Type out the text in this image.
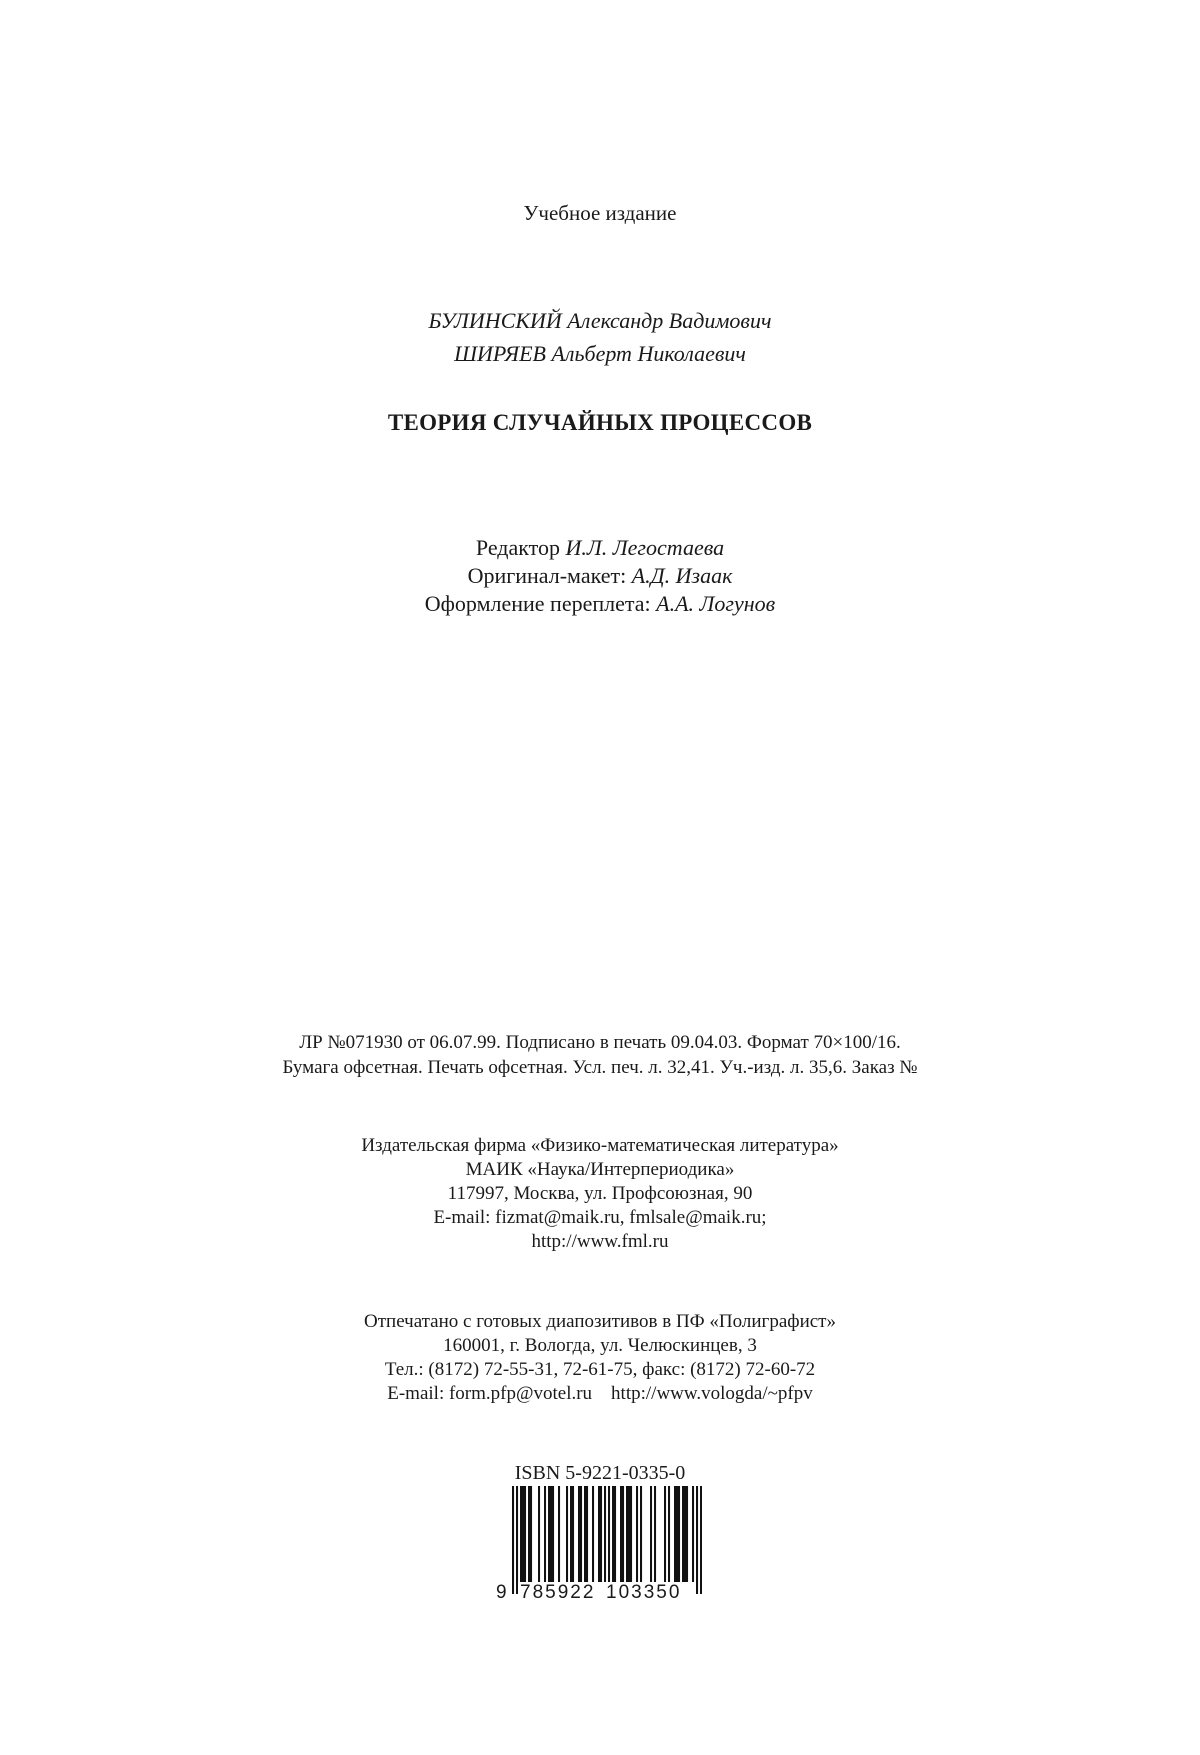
Учебное издание
БУЛИНСКИЙ Александр Вадимович
ШИРЯЕВ Альберт Николаевич
ТЕОРИЯ СЛУЧАЙНЫХ ПРОЦЕССОВ
Редактор И.Л. Легостаева
Оригинал-макет: А.Д. Изаак
Оформление переплета: А.А. Логунов
ЛР №071930 от 06.07.99. Подписано в печать 09.04.03. Формат 70×100/16.
Бумага офсетная. Печать офсетная. Усл. печ. л. 32,41. Уч.-изд. л. 35,6. Заказ №
Издательская фирма «Физико-математическая литература»
МАИК «Наука/Интерпериодика»
117997, Москва, ул. Профсоюзная, 90
E-mail: fizmat@maik.ru, fmlsale@maik.ru;
http://www.fml.ru
Отпечатано с готовых диапозитивов в ПФ «Полиграфист»
160001, г. Вологда, ул. Челюскинцев, 3
Тел.: (8172) 72-55-31, 72-61-75, факс: (8172) 72-60-72
E-mail: form.pfp@votel.ru    http://www.vologda/~pfpv
ISBN 5-9221-0335-0
9 785922 103350
